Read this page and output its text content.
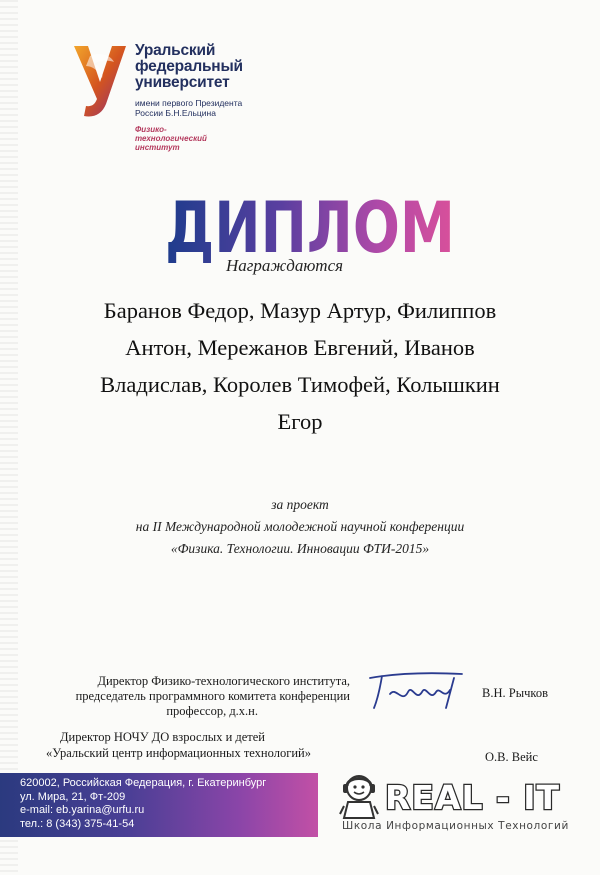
Уральский
федеральный
университет
имени первого Президента
России Б.Н.Ельцина
Физико-
технологический
институт
ДИПЛОМ
Награждаются
Баранов Федор, Мазур Артур, Филиппов
Антон, Мережанов Евгений, Иванов
Владислав, Королев Тимофей, Колышкин
Егор
за проект
на II Международной молодежной научной конференции
«Физика. Технологии. Инновации ФТИ-2015»
Директор Физико-технологического института,
председатель программного комитета конференции
профессор, д.х.н.
В.Н. Рычков
Директор НОЧУ ДО взрослых и детей
«Уральский центр информационных технологий»	О.В. Вейс
620002, Российская Федерация, г. Екатеринбург
ул. Мира, 21, Фт-209
e-mail: eb.yarina@urfu.ru
тел.: 8 (343) 375-41-54
REAL - IT
Школа Информационных Технологий
